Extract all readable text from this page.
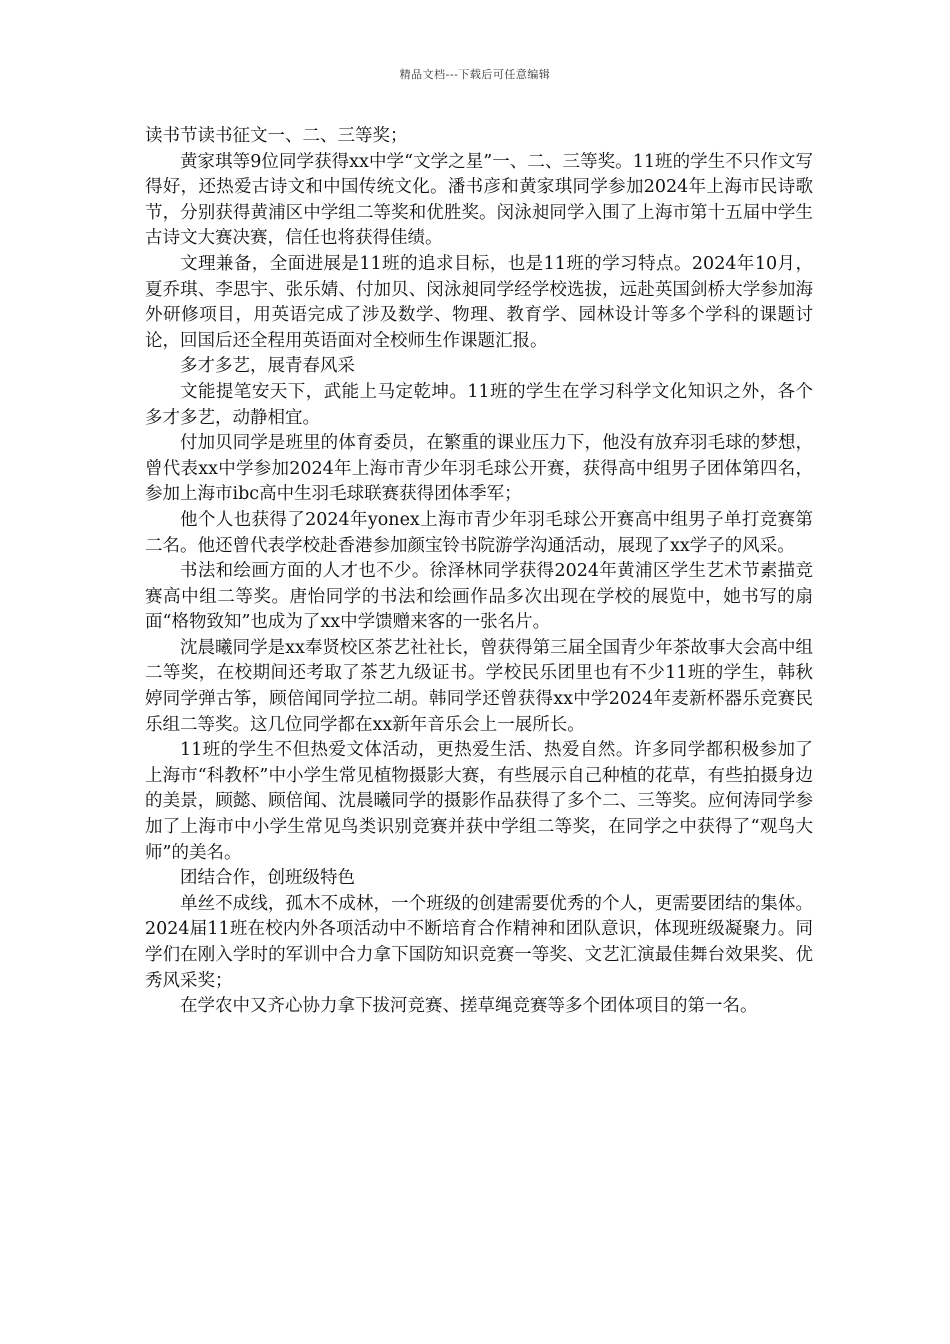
精品文档---下载后可任意编辑

读书节读书征文一、二、三等奖；

黄家琪等9位同学获得xx中学“文学之星”一、二、三等奖。11班的学生不只作文写得好，还热爱古诗文和中国传统文化。潘书彦和黄家琪同学参加2024年上海市民诗歌节，分别获得黄浦区中学组二等奖和优胜奖。闵泳昶同学入围了上海市第十五届中学生古诗文大赛决赛，信任也将获得佳绩。

文理兼备，全面进展是11班的追求目标，也是11班的学习特点。2024年10月，夏乔琪、李思宇、张乐婧、付加贝、闵泳昶同学经学校选拔，远赴英国剑桥大学参加海外研修项目，用英语完成了涉及数学、物理、教育学、园林设计等多个学科的课题讨论，回国后还全程用英语面对全校师生作课题汇报。

多才多艺，展青春风采

文能提笔安天下，武能上马定乾坤。11班的学生在学习科学文化知识之外，各个多才多艺，动静相宜。

付加贝同学是班里的体育委员，在繁重的课业压力下，他没有放弃羽毛球的梦想，曾代表xx中学参加2024年上海市青少年羽毛球公开赛，获得高中组男子团体第四名，参加上海市ibc高中生羽毛球联赛获得团体季军；

他个人也获得了2024年yonex上海市青少年羽毛球公开赛高中组男子单打竞赛第二名。他还曾代表学校赴香港参加颜宝铃书院游学沟通活动，展现了xx学子的风采。

书法和绘画方面的人才也不少。徐泽林同学获得2024年黄浦区学生艺术节素描竞赛高中组二等奖。唐怡同学的书法和绘画作品多次出现在学校的展览中，她书写的扇面“格物致知”也成为了xx中学馈赠来客的一张名片。

沈晨曦同学是xx奉贤校区茶艺社社长，曾获得第三届全国青少年茶故事大会高中组二等奖，在校期间还考取了茶艺九级证书。学校民乐团里也有不少11班的学生，韩秋婷同学弹古筝，顾倍闻同学拉二胡。韩同学还曾获得xx中学2024年麦新杯器乐竞赛民乐组二等奖。这几位同学都在xx新年音乐会上一展所长。

11班的学生不但热爱文体活动，更热爱生活、热爱自然。许多同学都积极参加了上海市“科教杯”中小学生常见植物摄影大赛，有些展示自己种植的花草，有些拍摄身边的美景，顾懿、顾倍闻、沈晨曦同学的摄影作品获得了多个二、三等奖。应何涛同学参加了上海市中小学生常见鸟类识别竞赛并获中学组二等奖，在同学之中获得了“观鸟大师”的美名。

团结合作，创班级特色

单丝不成线，孤木不成林，一个班级的创建需要优秀的个人，更需要团结的集体。2024届11班在校内外各项活动中不断培育合作精神和团队意识，体现班级凝聚力。同学们在刚入学时的军训中合力拿下国防知识竞赛一等奖、文艺汇演最佳舞台效果奖、优秀风采奖；

在学农中又齐心协力拿下拔河竞赛、搓草绳竞赛等多个团体项目的第一名。
